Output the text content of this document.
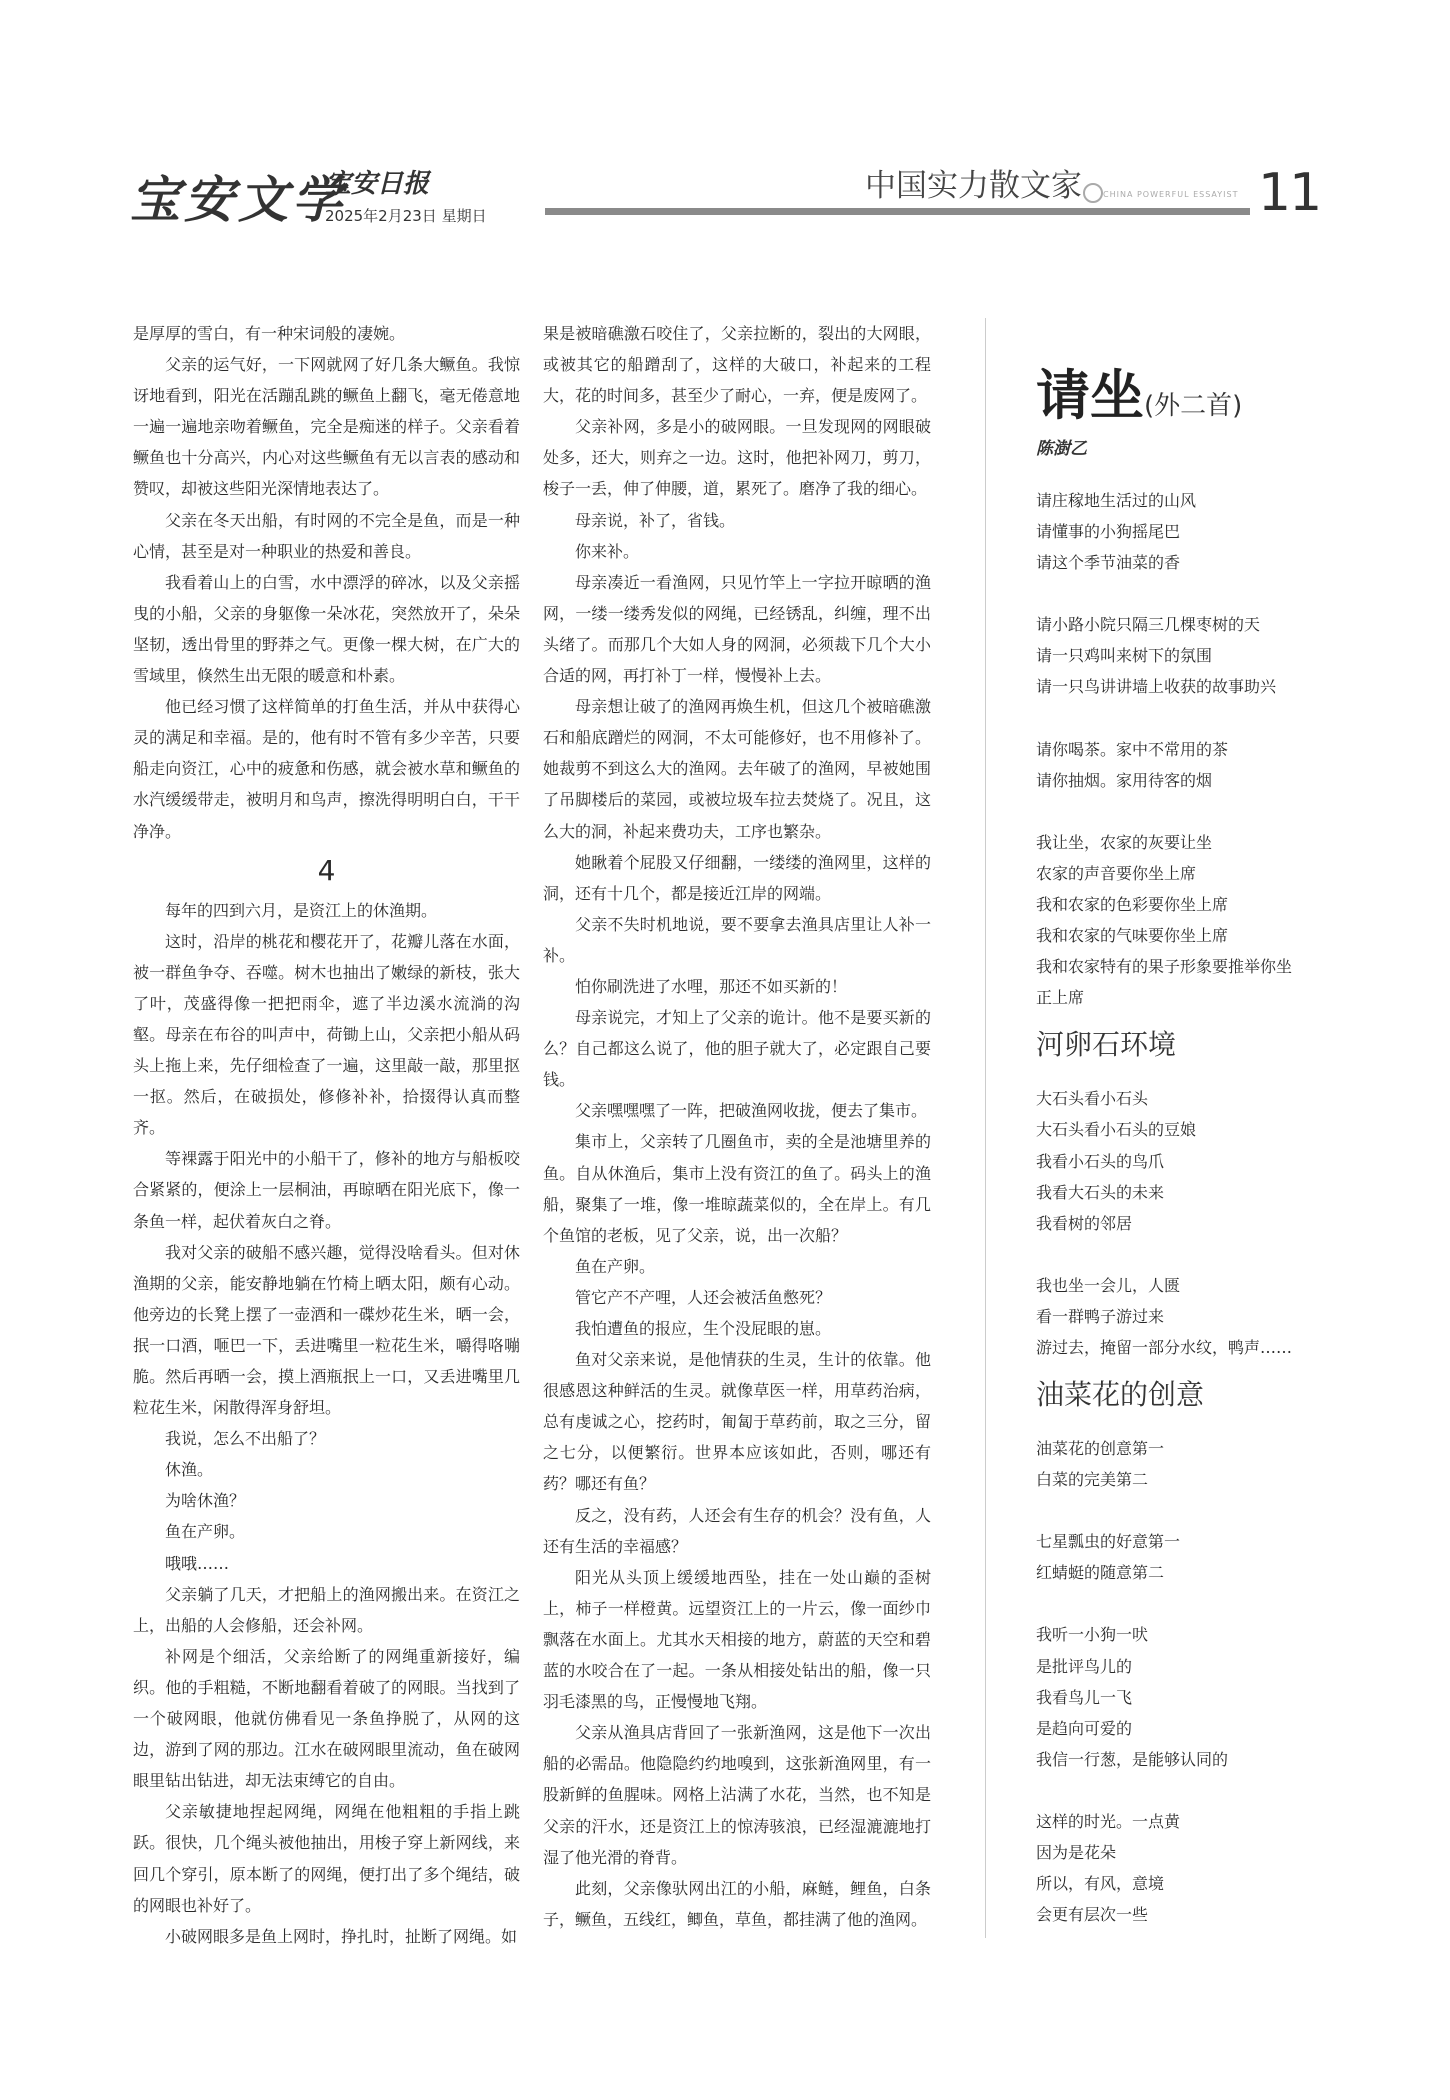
宝安文学
宝安日报
2025年2月23日 星期日
中国实力散文家	CHINA POWERFUL ESSAYIST 11

是厚厚的雪白，有一种宋词般的凄婉。

父亲的运气好，一下网就网了好几条大鳜鱼。我惊讶地看到，阳光在活蹦乱跳的鳜鱼上翻飞，毫无倦意地一遍一遍地亲吻着鳜鱼，完全是痴迷的样子。父亲看着鳜鱼也十分高兴，内心对这些鳜鱼有无以言表的感动和赞叹，却被这些阳光深情地表达了。

父亲在冬天出船，有时网的不完全是鱼，而是一种心情，甚至是对一种职业的热爱和善良。

我看着山上的白雪，水中漂浮的碎冰，以及父亲摇曳的小船，父亲的身躯像一朵冰花，突然放开了，朵朵坚韧，透出骨里的野莽之气。更像一棵大树，在广大的雪域里，倏然生出无限的暖意和朴素。

他已经习惯了这样简单的打鱼生活，并从中获得心灵的满足和幸福。是的，他有时不管有多少辛苦，只要船走向资江，心中的疲惫和伤感，就会被水草和鳜鱼的水汽缓缓带走，被明月和鸟声，擦洗得明明白白，干干净净。

4

每年的四到六月，是资江上的休渔期。

这时，沿岸的桃花和樱花开了，花瓣儿落在水面，被一群鱼争夺、吞噬。树木也抽出了嫩绿的新枝，张大了叶，茂盛得像一把把雨伞，遮了半边溪水流淌的沟壑。母亲在布谷的叫声中，荷锄上山，父亲把小船从码头上拖上来，先仔细检查了一遍，这里敲一敲，那里抠一抠。然后，在破损处，修修补补，拾掇得认真而整齐。

等裸露于阳光中的小船干了，修补的地方与船板咬合紧紧的，便涂上一层桐油，再晾晒在阳光底下，像一条鱼一样，起伏着灰白之脊。

我对父亲的破船不感兴趣，觉得没啥看头。但对休渔期的父亲，能安静地躺在竹椅上晒太阳，颇有心动。他旁边的长凳上摆了一壶酒和一碟炒花生米，晒一会，抿一口酒，咂巴一下，丢进嘴里一粒花生米，嚼得咯嘣脆。然后再晒一会，摸上酒瓶抿上一口，又丢进嘴里几粒花生米，闲散得浑身舒坦。

我说，怎么不出船了？

休渔。

为啥休渔？

鱼在产卵。

哦哦……

父亲躺了几天，才把船上的渔网搬出来。在资江之上，出船的人会修船，还会补网。

补网是个细活，父亲给断了的网绳重新接好，编织。他的手粗糙，不断地翻看着破了的网眼。当找到了一个破网眼，他就仿佛看见一条鱼挣脱了，从网的这边，游到了网的那边。江水在破网眼里流动，鱼在破网眼里钻出钻进，却无法束缚它的自由。

父亲敏捷地捏起网绳，网绳在他粗粗的手指上跳跃。很快，几个绳头被他抽出，用梭子穿上新网线，来回几个穿引，原本断了的网绳，便打出了多个绳结，破的网眼也补好了。

小破网眼多是鱼上网时，挣扎时，扯断了网绳。如

果是被暗礁激石咬住了，父亲拉断的，裂出的大网眼，或被其它的船蹭刮了，这样的大破口，补起来的工程大，花的时间多，甚至少了耐心，一弃，便是废网了。

父亲补网，多是小的破网眼。一旦发现网的网眼破处多，还大，则弃之一边。这时，他把补网刀，剪刀，梭子一丢，伸了伸腰，道，累死了。磨净了我的细心。

母亲说，补了，省钱。

你来补。

母亲凑近一看渔网，只见竹竿上一字拉开晾晒的渔网，一缕一缕秀发似的网绳，已经锈乱，纠缠，理不出头绪了。而那几个大如人身的网洞，必须裁下几个大小合适的网，再打补丁一样，慢慢补上去。

母亲想让破了的渔网再焕生机，但这几个被暗礁激石和船底蹭烂的网洞，不太可能修好，也不用修补了。她裁剪不到这么大的渔网。去年破了的渔网，早被她围了吊脚楼后的菜园，或被垃圾车拉去焚烧了。况且，这么大的洞，补起来费功夫，工序也繁杂。

她瞅着个屁股又仔细翻，一缕缕的渔网里，这样的洞，还有十几个，都是接近江岸的网端。

父亲不失时机地说，要不要拿去渔具店里让人补一补。

怕你刷洗进了水哩，那还不如买新的！

母亲说完，才知上了父亲的诡计。他不是要买新的么？自己都这么说了，他的胆子就大了，必定跟自己要钱。

父亲嘿嘿嘿了一阵，把破渔网收拢，便去了集市。

集市上，父亲转了几圈鱼市，卖的全是池塘里养的鱼。自从休渔后，集市上没有资江的鱼了。码头上的渔船，聚集了一堆，像一堆晾蔬菜似的，全在岸上。有几个鱼馆的老板，见了父亲，说，出一次船？

鱼在产卵。

管它产不产哩，人还会被活鱼憋死？

我怕遭鱼的报应，生个没屁眼的崽。

鱼对父亲来说，是他情获的生灵，生计的依靠。他很感恩这种鲜活的生灵。就像草医一样，用草药治病，总有虔诚之心，挖药时，匍匐于草药前，取之三分，留之七分，以便繁衍。世界本应该如此，否则，哪还有药？哪还有鱼？

反之，没有药，人还会有生存的机会？没有鱼，人还有生活的幸福感？

阳光从头顶上缓缓地西坠，挂在一处山巅的歪树上，柿子一样橙黄。远望资江上的一片云，像一面纱巾飘落在水面上。尤其水天相接的地方，蔚蓝的天空和碧蓝的水咬合在了一起。一条从相接处钻出的船，像一只羽毛漆黑的鸟，正慢慢地飞翔。

父亲从渔具店背回了一张新渔网，这是他下一次出船的必需品。他隐隐约约地嗅到，这张新渔网里，有一股新鲜的鱼腥味。网格上沾满了水花，当然，也不知是父亲的汗水，还是资江上的惊涛骇浪，已经湿漉漉地打湿了他光滑的脊背。

此刻，父亲像驮网出江的小船，麻鲢，鲤鱼，白条子，鳜鱼，五线红，鲫鱼，草鱼，都挂满了他的渔网。

请坐(外二首)
陈澍乙
请庄稼地生活过的山风
请懂事的小狗摇尾巴
请这个季节油菜的香
请小路小院只隔三几棵枣树的天
请一只鸡叫来树下的氛围
请一只鸟讲讲墙上收获的故事助兴
请你喝茶。家中不常用的茶
请你抽烟。家用待客的烟
我让坐，农家的灰要让坐
农家的声音要你坐上席
我和农家的色彩要你坐上席
我和农家的气味要你坐上席
我和农家特有的果子形象要推举你坐
正上席
河卵石环境
大石头看小石头
大石头看小石头的豆娘
我看小石头的鸟爪
我看大石头的未来
我看树的邻居
我也坐一会儿，人匮
看一群鸭子游过来
游过去，掩留一部分水纹，鸭声……
油菜花的创意
油菜花的创意第一
白菜的完美第二
七星瓢虫的好意第一
红蜻蜓的随意第二
我听一小狗一吠
是批评鸟儿的
我看鸟儿一飞
是趋向可爱的
我信一行葱，是能够认同的
这样的时光。一点黄
因为是花朵
所以，有风，意境
会更有层次一些
